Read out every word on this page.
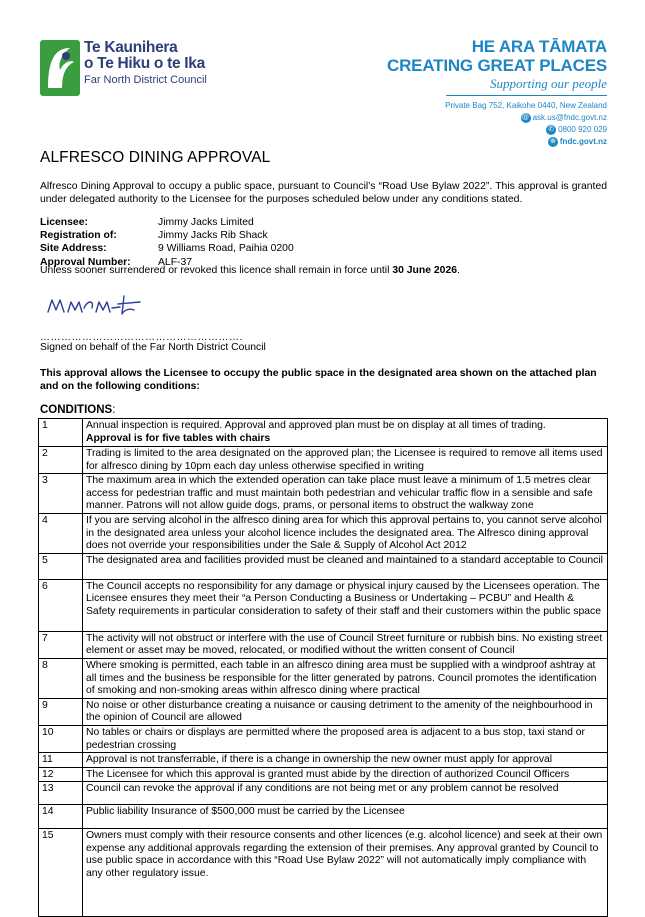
Te Kaunihera
o Te Hiku o te Ika
Far North District Council
HE ARA TĀMATA
CREATING GREAT PLACES
Supporting our people
Private Bag 752, Kaikohe 0440, New Zealand
@ ask.us@fndc.govt.nz
✆ 0800 920 029
⊕ fndc.govt.nz
ALFRESCO DINING APPROVAL
Alfresco Dining Approval to occupy a public space, pursuant to Council’s “Road Use Bylaw 2022”. This approval is granted under delegated authority to the Licensee for the purposes scheduled below under any conditions stated.
Licensee:	Jimmy Jacks Limited
Registration of:	Jimmy Jacks Rib Shack
Site Address:	9 Williams Road, Paihia 0200
Approval Number:	ALF-37
Unless sooner surrendered or revoked this licence shall remain in force until 30 June 2026.
………………………………………………….
Signed on behalf of the Far North District Council
This approval allows the Licensee to occupy the public space in the designated area shown on the attached plan and on the following conditions:
CONDITIONS:
1	Annual inspection is required. Approval and approved plan must be on display at all times of trading.
Approval is for five tables with chairs
2	Trading is limited to the area designated on the approved plan; the Licensee is required to remove all items used for alfresco dining by 10pm each day unless otherwise specified in writing
3	The maximum area in which the extended operation can take place must leave a minimum of 1.5 metres clear access for pedestrian traffic and must maintain both pedestrian and vehicular traffic flow in a sensible and safe manner. Patrons will not allow guide dogs, prams, or personal items to obstruct the walkway zone
4	If you are serving alcohol in the alfresco dining area for which this approval pertains to, you cannot serve alcohol in the designated area unless your alcohol licence includes the designated area. The Alfresco dining approval does not override your responsibilities under the Sale & Supply of Alcohol Act 2012
5	The designated area and facilities provided must be cleaned and maintained to a standard acceptable to Council
6	The Council accepts no responsibility for any damage or physical injury caused by the Licensees operation. The Licensee ensures they meet their “a Person Conducting a Business or Undertaking – PCBU” and Health & Safety requirements in particular consideration to safety of their staff and their customers within the public space
7	The activity will not obstruct or interfere with the use of Council Street furniture or rubbish bins. No existing street element or asset may be moved, relocated, or modified without the written consent of Council
8	Where smoking is permitted, each table in an alfresco dining area must be supplied with a windproof ashtray at all times and the business be responsible for the litter generated by patrons. Council promotes the identification of smoking and non-smoking areas within alfresco dining where practical
9	No noise or other disturbance creating a nuisance or causing detriment to the amenity of the neighbourhood in the opinion of Council are allowed
10	No tables or chairs or displays are permitted where the proposed area is adjacent to a bus stop, taxi stand or pedestrian crossing
11	Approval is not transferrable, if there is a change in ownership the new owner must apply for approval
12	The Licensee for which this approval is granted must abide by the direction of authorized Council Officers
13	Council can revoke the approval if any conditions are not being met or any problem cannot be resolved
14	Public liability Insurance of $500,000 must be carried by the Licensee
15	Owners must comply with their resource consents and other licences (e.g. alcohol licence) and seek at their own expense any additional approvals regarding the extension of their premises. Any approval granted by Council to use public space in accordance with this “Road Use Bylaw 2022” will not automatically imply compliance with any other regulatory issue.
